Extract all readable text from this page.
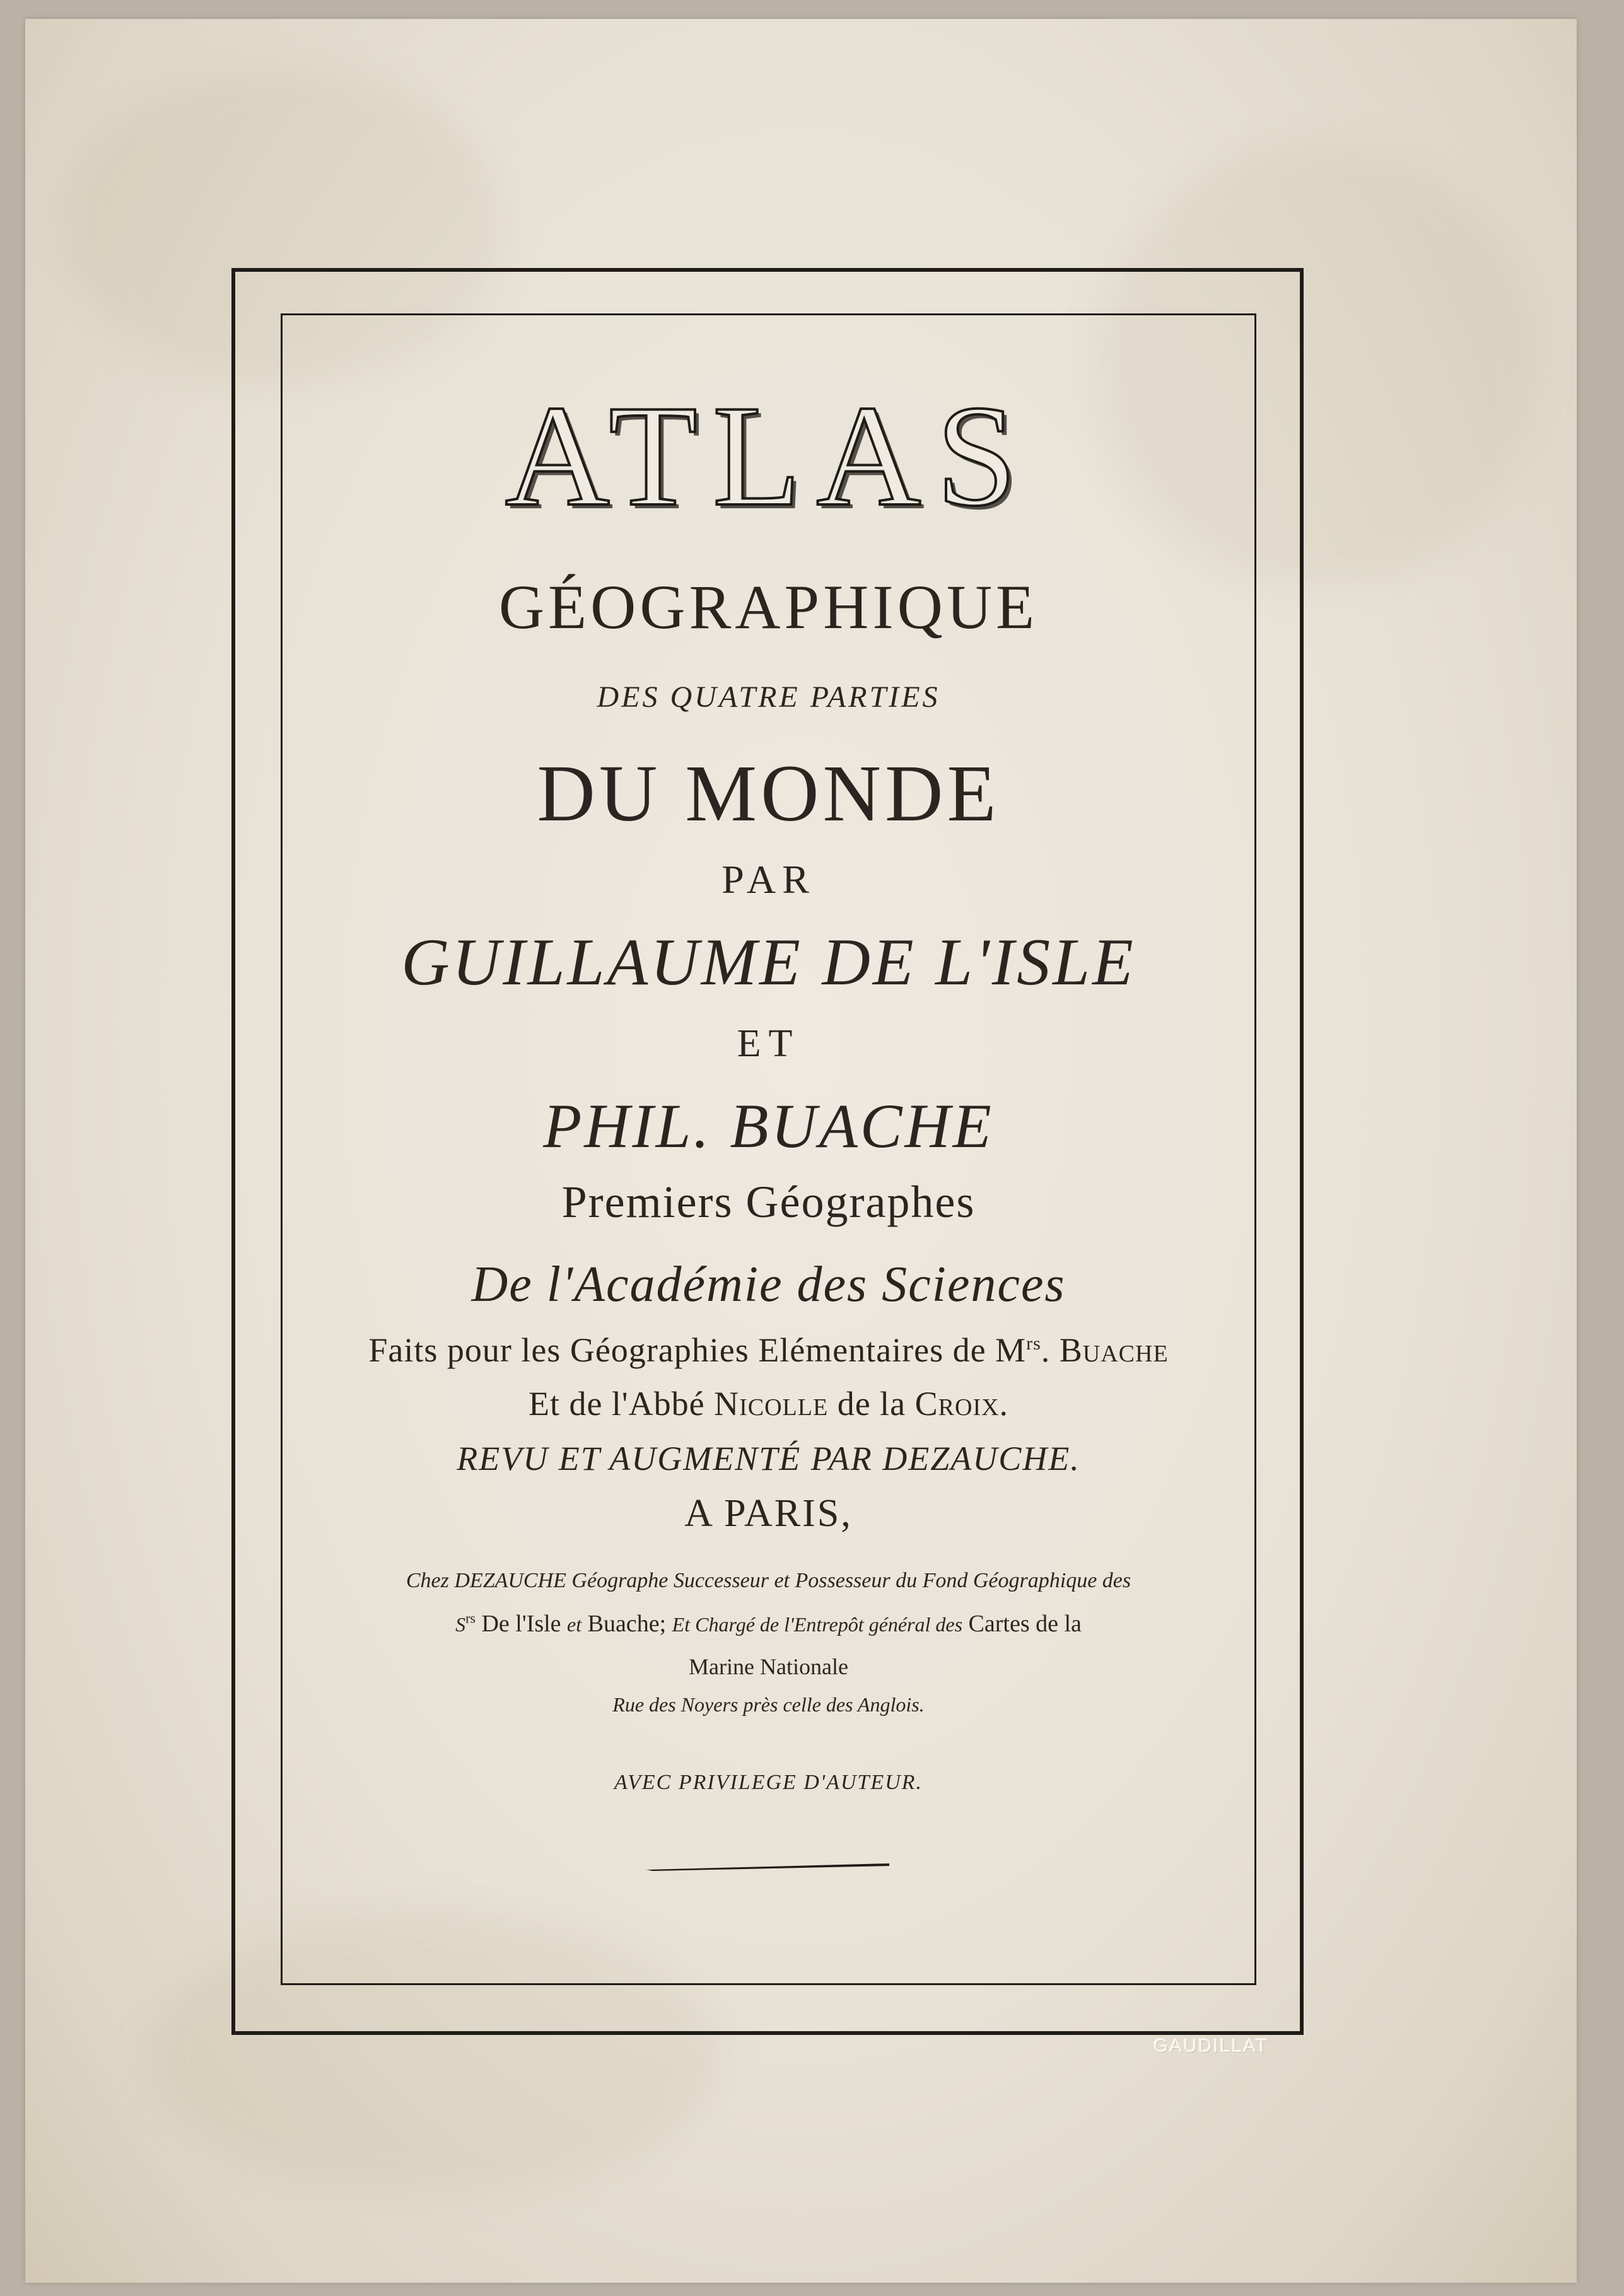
ATLAS
GÉOGRAPHIQUE
DES QUATRE PARTIES
DU MONDE
PAR
GUILLAUME DE L'ISLE
ET
PHIL. BUACHE
Premiers Géographes
De l'Académie des Sciences
Faits pour les Géographies Elémentaires de $M^{rs}$. Buache
Et de l'Abbé Nicolle de la Croix.
REVU ET AUGMENTÉ PAR DEZAUCHE.
A PARIS,
Chez DEZAUCHE Géographe Successeur et Possesseur du Fond Géographique des
$S^{rs}$ De l'Isle et Buache; Et Chargé de l'Entrepôt général des Cartes de la
Marine Nationale
Rue des Noyers près celle des Anglois.
AVEC PRIVILEGE D'AUTEUR.
GAUDILLAT
